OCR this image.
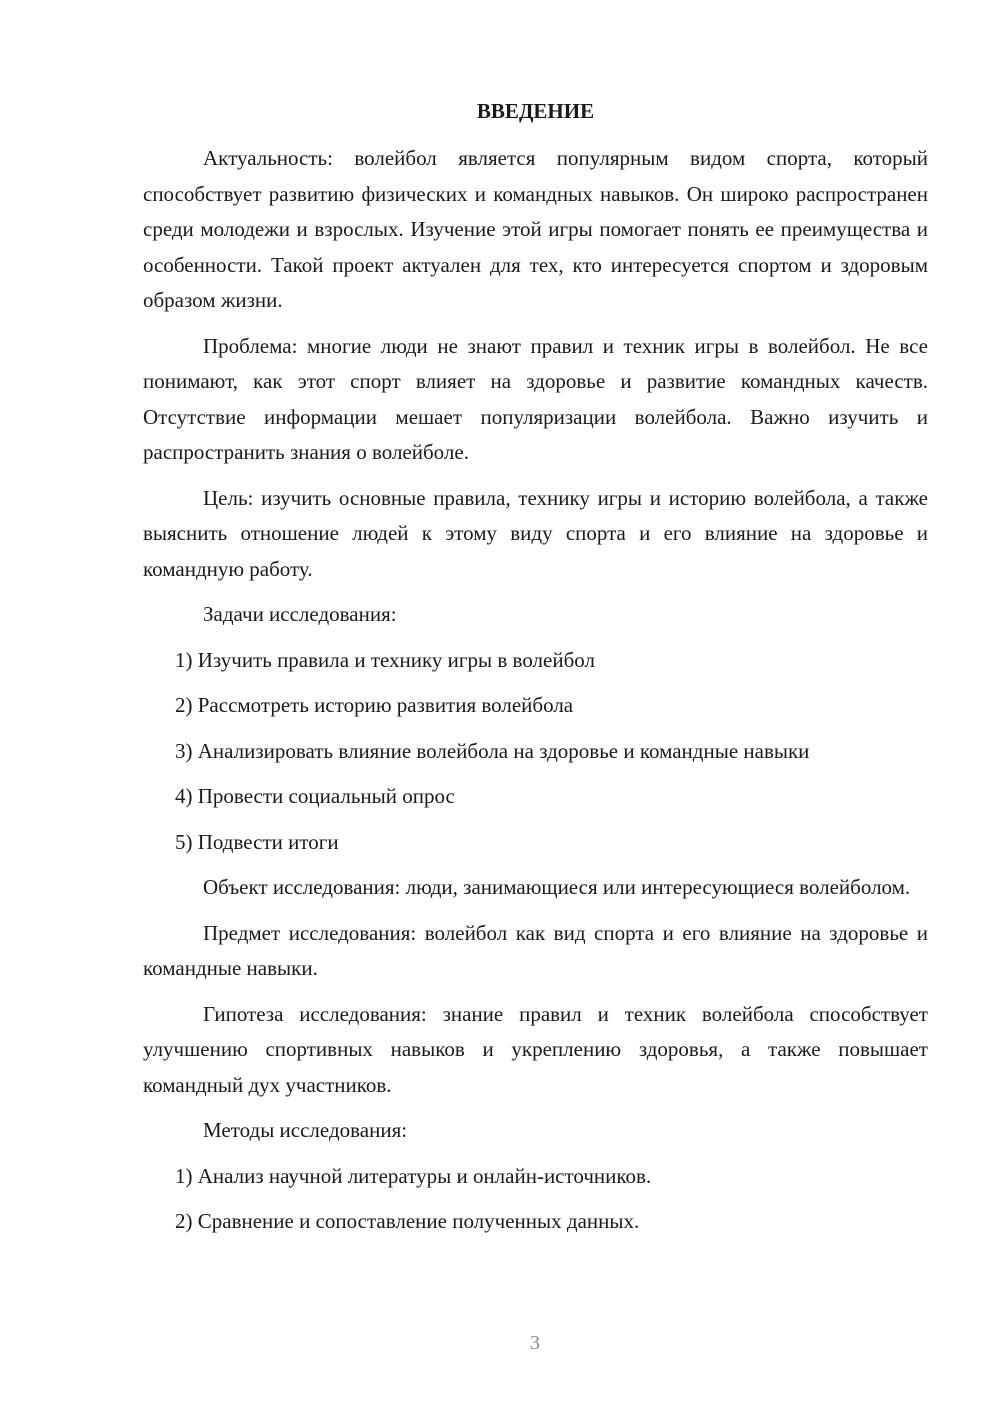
ВВЕДЕНИЕ

Актуальность: волейбол является популярным видом спорта, который способствует развитию физических и командных навыков. Он широко распространен среди молодежи и взрослых. Изучение этой игры помогает понять ее преимущества и особенности. Такой проект актуален для тех, кто интересуется спортом и здоровым образом жизни.

Проблема: многие люди не знают правил и техник игры в волейбол. Не все понимают, как этот спорт влияет на здоровье и развитие командных качеств. Отсутствие информации мешает популяризации волейбола. Важно изучить и распространить знания о волейболе.

Цель: изучить основные правила, технику игры и историю волейбола, а также выяснить отношение людей к этому виду спорта и его влияние на здоровье и командную работу.

Задачи исследования:

1) Изучить правила и технику игры в волейбол

2) Рассмотреть историю развития волейбола

3) Анализировать влияние волейбола на здоровье и командные навыки

4) Провести социальный опрос

5) Подвести итоги

Объект исследования: люди, занимающиеся или интересующиеся волейболом.

Предмет исследования: волейбол как вид спорта и его влияние на здоровье и командные навыки.

Гипотеза исследования: знание правил и техник волейбола способствует улучшению спортивных навыков и укреплению здоровья, а также повышает командный дух участников.

Методы исследования:

1) Анализ научной литературы и онлайн-источников.

2) Сравнение и сопоставление полученных данных.

3
